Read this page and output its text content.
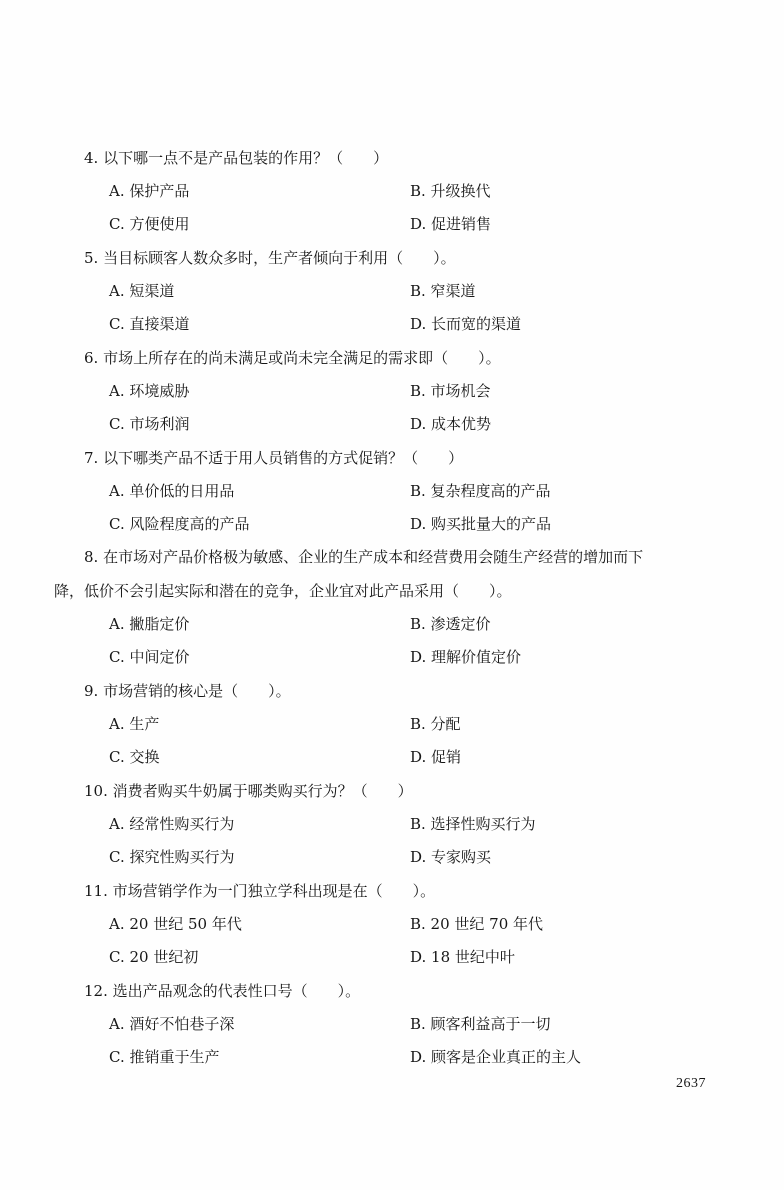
4. 以下哪一点不是产品包装的作用？（　　）
A. 保护产品	B. 升级换代
C. 方便使用	D. 促进销售
5. 当目标顾客人数众多时，生产者倾向于利用（　　）。
A. 短渠道	B. 窄渠道
C. 直接渠道	D. 长而宽的渠道
6. 市场上所存在的尚未满足或尚未完全满足的需求即（　　）。
A. 环境威胁	B. 市场机会
C. 市场利润	D. 成本优势
7. 以下哪类产品不适于用人员销售的方式促销？（　　）
A. 单价低的日用品	B. 复杂程度高的产品
C. 风险程度高的产品	D. 购买批量大的产品
8. 在市场对产品价格极为敏感、企业的生产成本和经营费用会随生产经营的增加而下
降，低价不会引起实际和潜在的竞争，企业宜对此产品采用（　　）。
A. 撇脂定价	B. 渗透定价
C. 中间定价	D. 理解价值定价
9. 市场营销的核心是（　　）。
A. 生产	B. 分配
C. 交换	D. 促销
10. 消费者购买牛奶属于哪类购买行为？（　　）
A. 经常性购买行为	B. 选择性购买行为
C. 探究性购买行为	D. 专家购买
11. 市场营销学作为一门独立学科出现是在（　　）。
A. 20 世纪 50 年代	B. 20 世纪 70 年代
C. 20 世纪初	D. 18 世纪中叶
12. 选出产品观念的代表性口号（　　）。
A. 酒好不怕巷子深	B. 顾客利益高于一切
C. 推销重于生产	D. 顾客是企业真正的主人
2637
